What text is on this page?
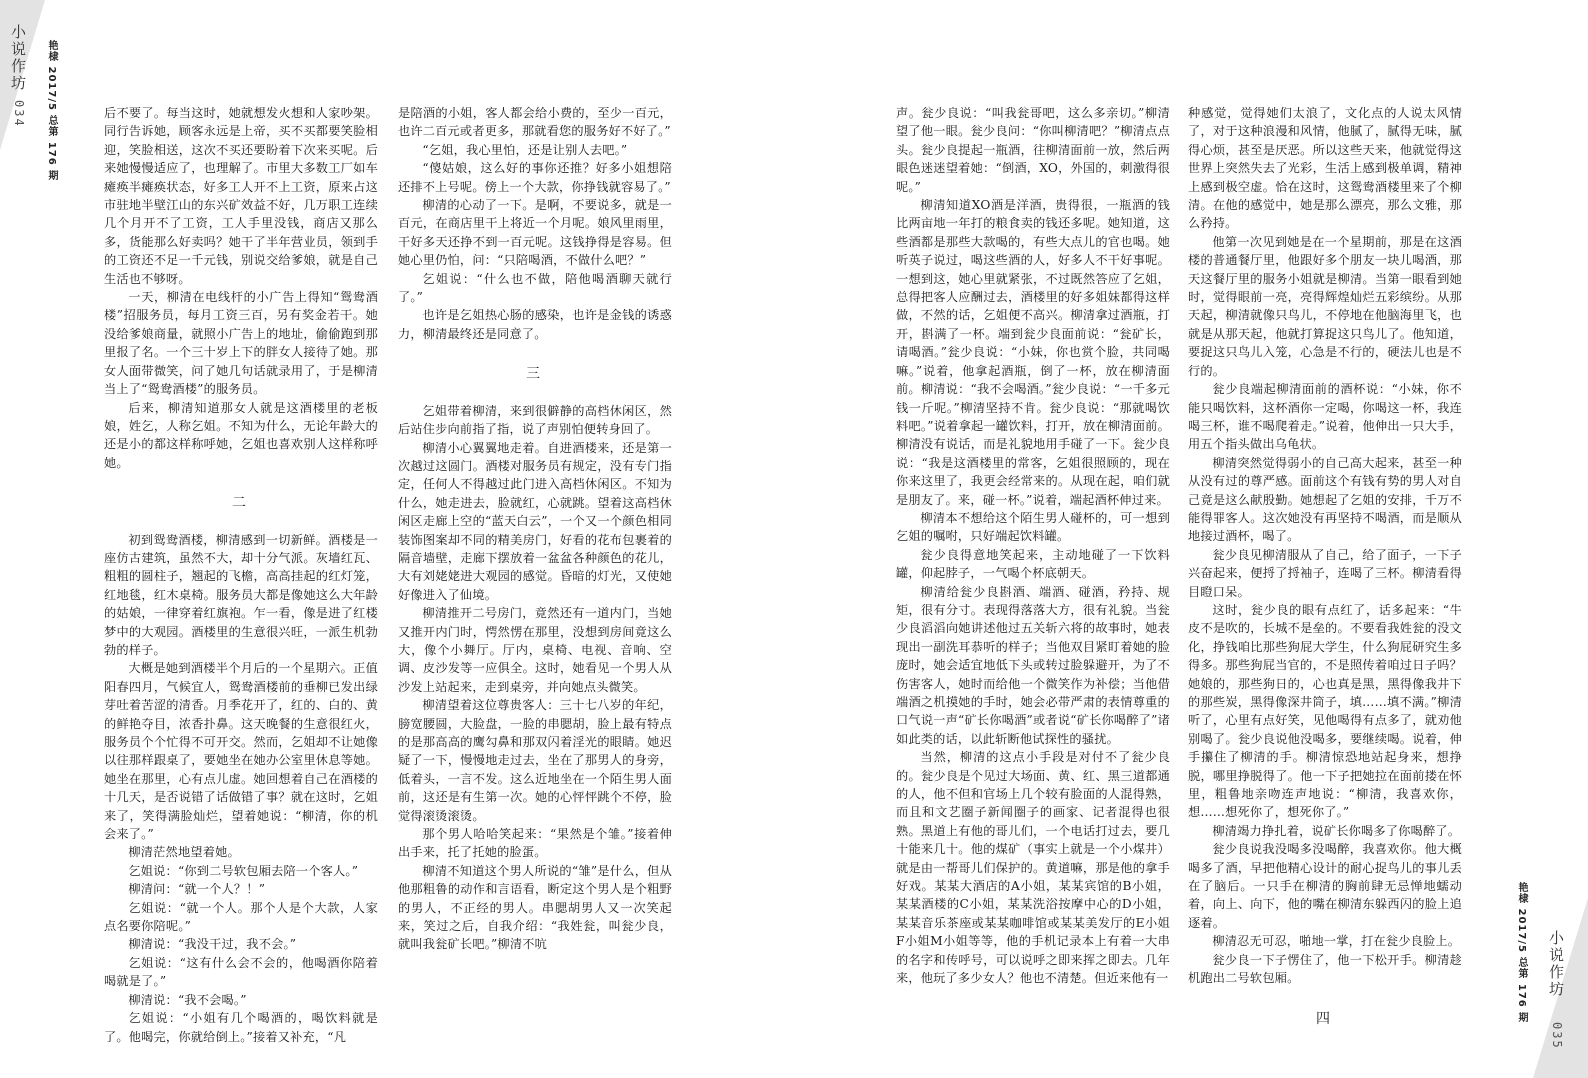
小说作坊
034 艳棣 2017/5 总第 176 期	后不要了。每当这时，她就想发火想和人家吵架。同行告诉她，顾客永远是上帝，买不买都要笑脸相迎，笑脸相送，这次不买还要盼着下次来买呢。后来她慢慢适应了，也理解了。市里大多数工厂如车瘫痪半瘫痪状态，好多工人开不上工资，原来占这市驻地半壁江山的东兴矿效益不好，几万职工连续几个月开不了工资，工人手里没钱，商店又那么多，货能那么好卖吗？她干了半年营业员，领到手的工资还不足一千元钱，别说交给爹娘，就是自己生活也不够呀。

一天，柳清在电线杆的小广告上得知“鸳鸯酒楼”招服务员，每月工资三百，另有奖金若干。她没给爹娘商量，就照小广告上的地址，偷偷跑到那里报了名。一个三十岁上下的胖女人接待了她。那女人面带微笑，问了她几句话就录用了，于是柳清当上了“鸳鸯酒楼”的服务员。

后来，柳清知道那女人就是这酒楼里的老板娘，姓乞，人称乞姐。不知为什么，无论年龄大的还是小的都这样称呼她，乞姐也喜欢别人这样称呼她。

二

初到鸳鸯酒楼，柳清感到一切新鲜。酒楼是一座仿古建筑，虽然不大，却十分气派。灰墙红瓦、粗粗的圆柱子，翘起的飞檐，高高挂起的红灯笼，红地毯，红木桌椅。服务员大都是像她这么大年龄的姑娘，一律穿着红旗袍。乍一看，像是进了红楼梦中的大观园。酒楼里的生意很兴旺，一派生机勃勃的样子。

大概是她到酒楼半个月后的一个星期六。正值阳春四月，气候宜人，鸳鸯酒楼前的垂柳已发出绿芽吐着苦涩的清香。月季花开了，红的、白的、黄的鲜艳夺目，浓香扑鼻。这天晚餐的生意很红火，服务员个个忙得不可开交。然而，乞姐却不让她像以往那样跟桌了，要她坐在她办公室里休息等她。她坐在那里，心有点儿虚。她回想着自己在酒楼的十几天，是否说错了话做错了事？就在这时，乞姐来了，笑得满脸灿烂，望着她说：“柳清，你的机会来了。”

柳清茫然地望着她。

乞姐说：“你到二号软包厢去陪一个客人。”

柳清问：“就一个人？！”

乞姐说：“就一个人。那个人是个大款，人家点名要你陪呢。”

柳清说：“我没干过，我不会。”

乞姐说：“这有什么会不会的，他喝酒你陪着喝就是了。”

柳清说：“我不会喝。”

乞姐说：“小姐有几个喝酒的，喝饮料就是了。他喝完，你就给倒上。”接着又补充，“凡

是陪酒的小姐，客人都会给小费的，至少一百元，也许二百元或者更多，那就看您的服务好不好了。”

“乞姐，我心里怕，还是让别人去吧。”

“傻姑娘，这么好的事你还推？好多小姐想陪还排不上号呢。傍上一个大款，你挣钱就容易了。”

柳清的心动了一下。是啊，不要说多，就是一百元，在商店里干上将近一个月呢。娘风里雨里，干好多天还挣不到一百元呢。这钱挣得是容易。但她心里仍怕，问：“只陪喝酒，不做什么吧？”

乞姐说：“什么也不做，陪他喝酒聊天就行了。”

也许是乞姐热心肠的感染，也许是金钱的诱惑力，柳清最终还是同意了。

三

乞姐带着柳清，来到很僻静的高档休闲区，然后站住步向前指了指，说了声别怕便转身回了。

柳清小心翼翼地走着。自进酒楼来，还是第一次越过这圆门。酒楼对服务员有规定，没有专门指定，任何人不得越过此门进入高档休闲区。不知为什么，她走进去，脸就红，心就跳。望着这高档休闲区走廊上空的“蓝天白云”，一个又一个颜色相同装饰图案却不同的精美房门，好看的花布包裹着的隔音墙壁，走廊下摆放着一盆盆各种颜色的花儿，大有刘姥姥进大观园的感觉。昏暗的灯光，又使她好像进入了仙境。

柳清推开二号房门，竟然还有一道内门，当她又推开内门时，愕然愣在那里，没想到房间竟这么大，像个小舞厅。厅内，桌椅、电视、音响、空调、皮沙发等一应俱全。这时，她看见一个男人从沙发上站起来，走到桌旁，并向她点头微笑。

柳清望着这位尊贵客人：三十七八岁的年纪，膀宽腰圆，大脸盘，一脸的串腮胡，脸上最有特点的是那高高的鹰勾鼻和那双闪着淫光的眼睛。她迟疑了一下，慢慢地走过去，坐在了那男人的身旁，低着头，一言不发。这么近地坐在一个陌生男人面前，这还是有生第一次。她的心怦怦跳个不停，脸觉得滚烫滚烫。

那个男人哈哈笑起来：“果然是个雏。”接着伸出手来，托了托她的脸蛋。

柳清不知道这个男人所说的“雏”是什么，但从他那粗鲁的动作和言语看，断定这个男人是个粗野的男人，不正经的男人。串腮胡男人又一次笑起来，笑过之后，自我介绍：“我姓瓮，叫瓮少良，就叫我瓮矿长吧。”柳清不吭

声。瓮少良说：“叫我瓮哥吧，这么多亲切。”柳清望了他一眼。瓮少良问：“你叫柳清吧？”柳清点点头。瓮少良提起一瓶酒，往柳清面前一放，然后两眼色迷迷望着她：“倒酒，XO，外国的，刺激得很呢。”

柳清知道XO酒是洋酒，贵得很，一瓶酒的钱比两亩地一年打的粮食卖的钱还多呢。她知道，这些酒都是那些大款喝的，有些大点儿的官也喝。她听英子说过，喝这些酒的人，好多人不干好事呢。一想到这，她心里就紧张，不过既然答应了乞姐，总得把客人应酬过去，酒楼里的好多姐妹都得这样做，不然的话，乞姐便不高兴。柳清拿过酒瓶，打开，斟满了一杯。端到瓮少良面前说：“瓮矿长，请喝酒。”瓮少良说：“小妹，你也赏个脸，共同喝嘛。”说着，他拿起酒瓶，倒了一杯，放在柳清面前。柳清说：“我不会喝酒。”瓮少良说：“一千多元钱一斤呢。”柳清坚持不肯。瓮少良说：“那就喝饮料吧。”说着拿起一罐饮料，打开，放在柳清面前。柳清没有说话，而是礼貌地用手碰了一下。瓮少良说：“我是这酒楼里的常客，乞姐很照顾的，现在你来这里了，我更会经常来的。从现在起，咱们就是朋友了。来，碰一杯。”说着，端起酒杯伸过来。

柳清本不想给这个陌生男人碰杯的，可一想到乞姐的嘱咐，只好端起饮料罐。

瓮少良得意地笑起来，主动地碰了一下饮料罐，仰起脖子，一气喝个杯底朝天。

柳清给瓮少良斟酒、端酒、碰酒，矜持、规矩，很有分寸。表现得落落大方，很有礼貌。当瓮少良滔滔向她讲述他过五关斩六将的故事时，她表现出一副洗耳恭听的样子；当他双目紧盯着她的脸庞时，她会适宜地低下头或转过脸躲避开，为了不伤害客人，她时而给他一个微笑作为补偿；当他借端酒之机摸她的手时，她会必带严肃的表情尊重的口气说一声“矿长你喝酒”或者说“矿长你喝醉了”诸如此类的话，以此斩断他试探性的骚扰。

当然，柳清的这点小手段是对付不了瓮少良的。瓮少良是个见过大场面、黄、红、黑三道都通的人，他不但和官场上几个较有脸面的人混得熟，而且和文艺圈子新闻圈子的画家、记者混得也很熟。黑道上有他的哥儿们，一个电话打过去，要几十能来几十。他的煤矿（事实上就是一个小煤井）就是由一帮哥儿们保护的。黄道嘛，那是他的拿手好戏。某某大酒店的A小姐，某某宾馆的B小姐，某某酒楼的C小姐，某某洗浴按摩中心的D小姐，某某音乐茶座或某某咖啡馆或某某美发厅的E小姐F小姐M小姐等等，他的手机记录本上有着一大串的名字和传呼号，可以说呼之即来挥之即去。几年来，他玩了多少女人？他也不清楚。但近来他有一

种感觉，觉得她们太浪了，文化点的人说太风情了，对于这种浪漫和风情，他腻了，腻得无味，腻得心烦，甚至是厌恶。所以这些天来，他就觉得这世界上突然失去了光彩，生活上感到极单调，精神上感到极空虚。恰在这时，这鸳鸯酒楼里来了个柳清。在他的感觉中，她是那么漂亮，那么文雅，那么矜持。

他第一次见到她是在一个星期前，那是在这酒楼的普通餐厅里，他跟好多个朋友一块儿喝酒，那天这餐厅里的服务小姐就是柳清。当第一眼看到她时，觉得眼前一亮，亮得辉煌灿烂五彩缤纷。从那天起，柳清就像只鸟儿，不停地在他脑海里飞，也就是从那天起，他就打算捉这只鸟儿了。他知道，要捉这只鸟儿入笼，心急是不行的，硬法儿也是不行的。

瓮少良端起柳清面前的酒杯说：“小妹，你不能只喝饮料，这杯酒你一定喝，你喝这一杯，我连喝三杯，谁不喝爬着走。”说着，他伸出一只大手，用五个指头做出乌龟状。

柳清突然觉得弱小的自己高大起来，甚至一种从没有过的尊严感。面前这个有钱有势的男人对自己竟是这么献殷勤。她想起了乞姐的安排，千万不能得罪客人。这次她没有再坚持不喝酒，而是顺从地接过酒杯，喝了。

瓮少良见柳清服从了自己，给了面子，一下子兴奋起来，便捋了捋袖子，连喝了三杯。柳清看得目瞪口呆。

这时，瓮少良的眼有点红了，话多起来：“牛皮不是吹的，长城不是垒的。不要看我姓瓮的没文化，挣钱咱比那些狗屁大学生，什么狗屁研究生多得多。那些狗屁当官的，不是照传着咱过日子吗？她娘的，那些狗日的，心也真是黑，黑得像我井下的那些炭，黑得像深井筒子，填……填不满。”柳清听了，心里有点好笑，见他喝得有点多了，就劝他别喝了。瓮少良说他没喝多，要继续喝。说着，伸手攥住了柳清的手。柳清惊恐地站起身来，想挣脱，哪里挣脱得了。他一下子把她拉在面前搂在怀里，粗鲁地亲吻连声地说：“柳清，我喜欢你，想……想死你了，想死你了。”

柳清竭力挣扎着，说矿长你喝多了你喝醉了。

瓮少良说我没喝多没喝醉，我喜欢你。他大概喝多了酒，早把他精心设计的耐心捉鸟儿的事儿丢在了脑后。一只手在柳清的胸前肆无忌惮地蠕动着，向上、向下，他的嘴在柳清东躲西闪的脸上追逐着。

柳清忍无可忍，啪地一掌，打在瓮少良脸上。

瓮少良一下子愣住了，他一下松开手。柳清趁机跑出二号软包厢。

四	艳棣 2017/5 总第 176 期 小说作坊
035
